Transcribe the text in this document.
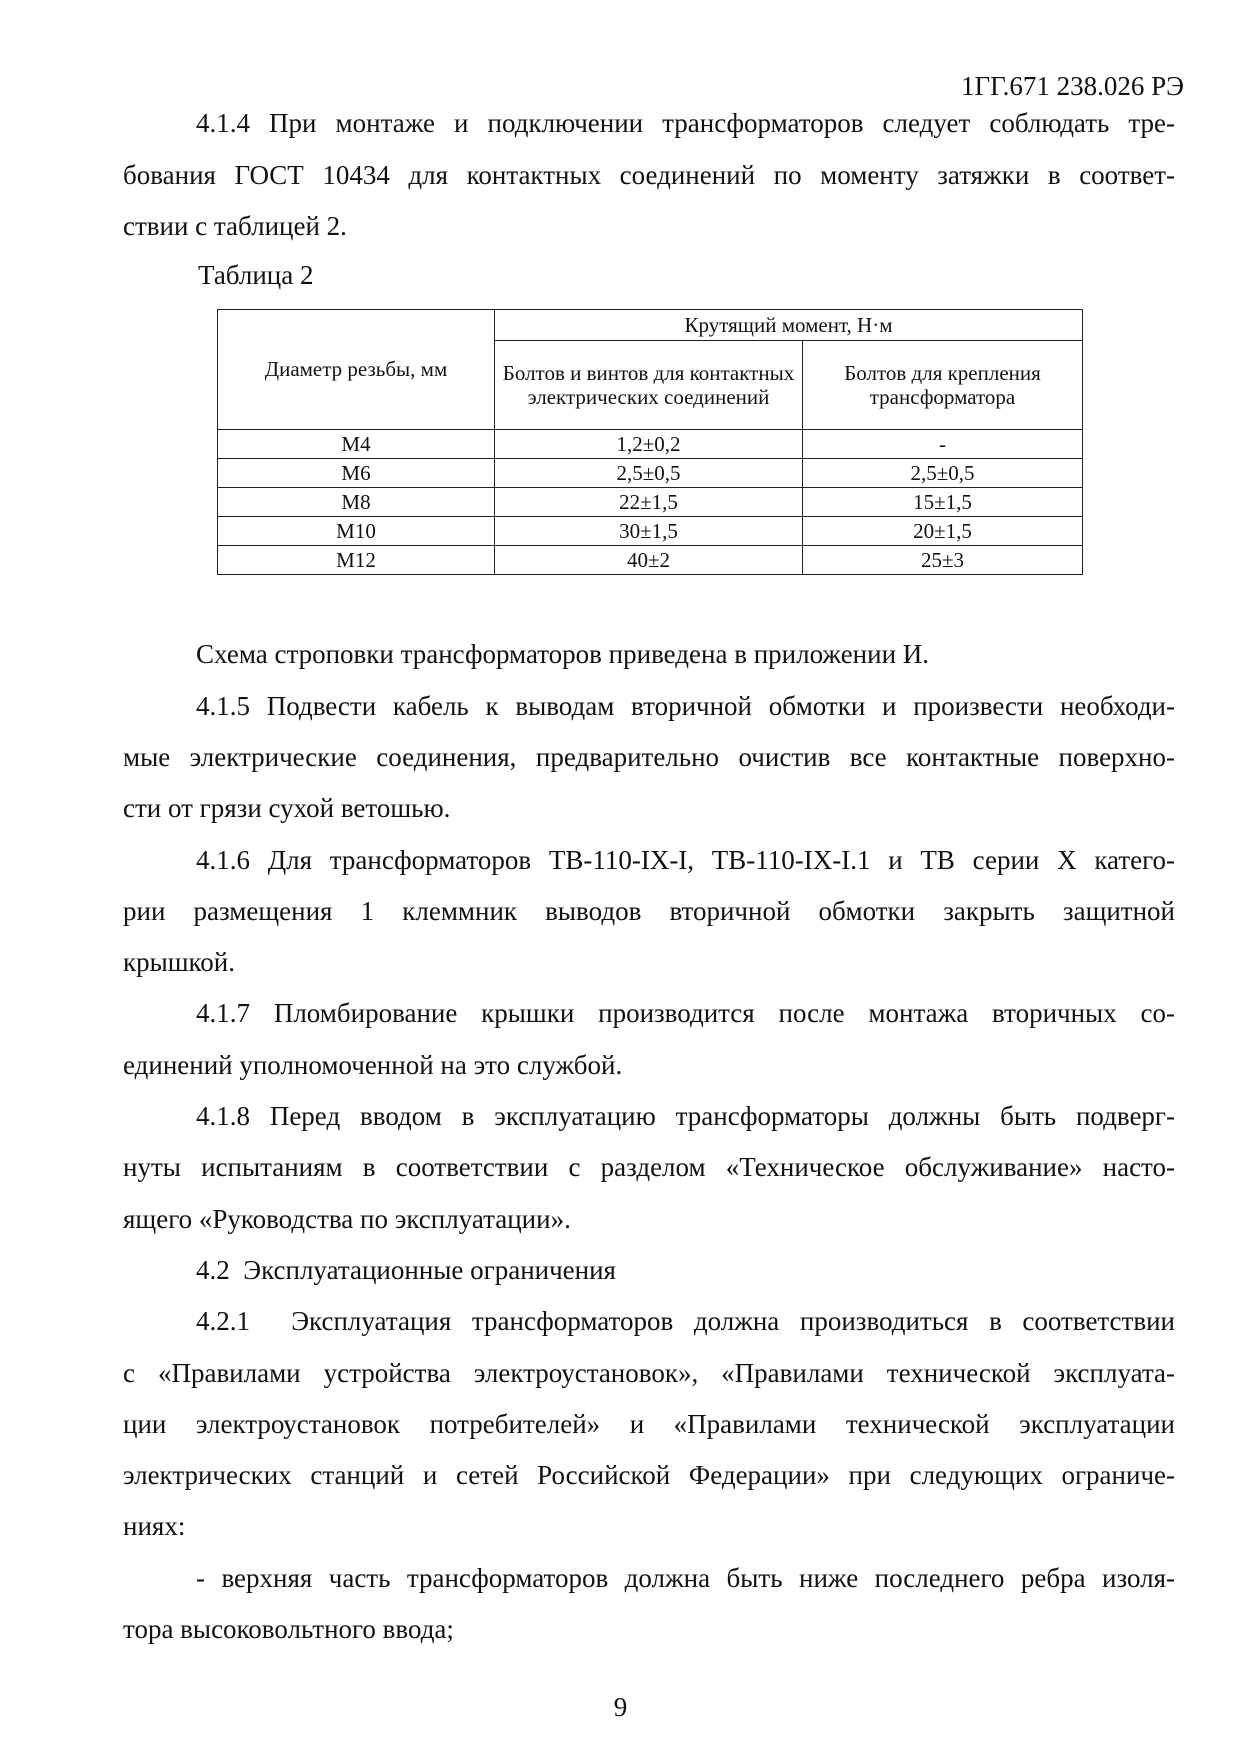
1ГГ.671 238.026 РЭ
4.1.4 При монтаже и подключении трансформаторов следует соблюдать тре-
бования ГОСТ 10434 для контактных соединений по моменту затяжки в соответ-
ствии с таблицей 2.
Таблица 2
Диаметр резьбы, мм	Крутящий момент, Н·м	
	Болтов и винтов для контактных электрических соединений	Болтов для крепления трансформатора
М4	1,2±0,2	-
М6	2,5±0,5	2,5±0,5
М8	22±1,5	15±1,5
М10	30±1,5	20±1,5
М12	40±2	25±3
Схема строповки трансформаторов приведена в приложении И.
4.1.5 Подвести кабель к выводам вторичной обмотки и произвести необходи-
мые электрические соединения, предварительно очистив все контактные поверхно-
сти от грязи сухой ветошью.
4.1.6 Для трансформаторов ТВ-110-IX-I, ТВ-110-IX-I.1 и ТВ серии Х катего-
рии размещения 1 клеммник выводов вторичной обмотки закрыть защитной
крышкой.
4.1.7 Пломбирование крышки производится после монтажа вторичных со-
единений уполномоченной на это службой.
4.1.8 Перед вводом в эксплуатацию трансформаторы должны быть подверг-
нуты испытаниям в соответствии с разделом «Техническое обслуживание» насто-
ящего «Руководства по эксплуатации».
4.2  Эксплуатационные ограничения
4.2.1  Эксплуатация трансформаторов должна производиться в соответствии
с «Правилами устройства электроустановок», «Правилами технической эксплуата-
ции электроустановок потребителей» и «Правилами технической эксплуатации
электрических станций и сетей Российской Федерации» при следующих ограниче-
ниях:
- верхняя часть трансформаторов должна быть ниже последнего ребра изоля-
тора высоковольтного ввода;
9
